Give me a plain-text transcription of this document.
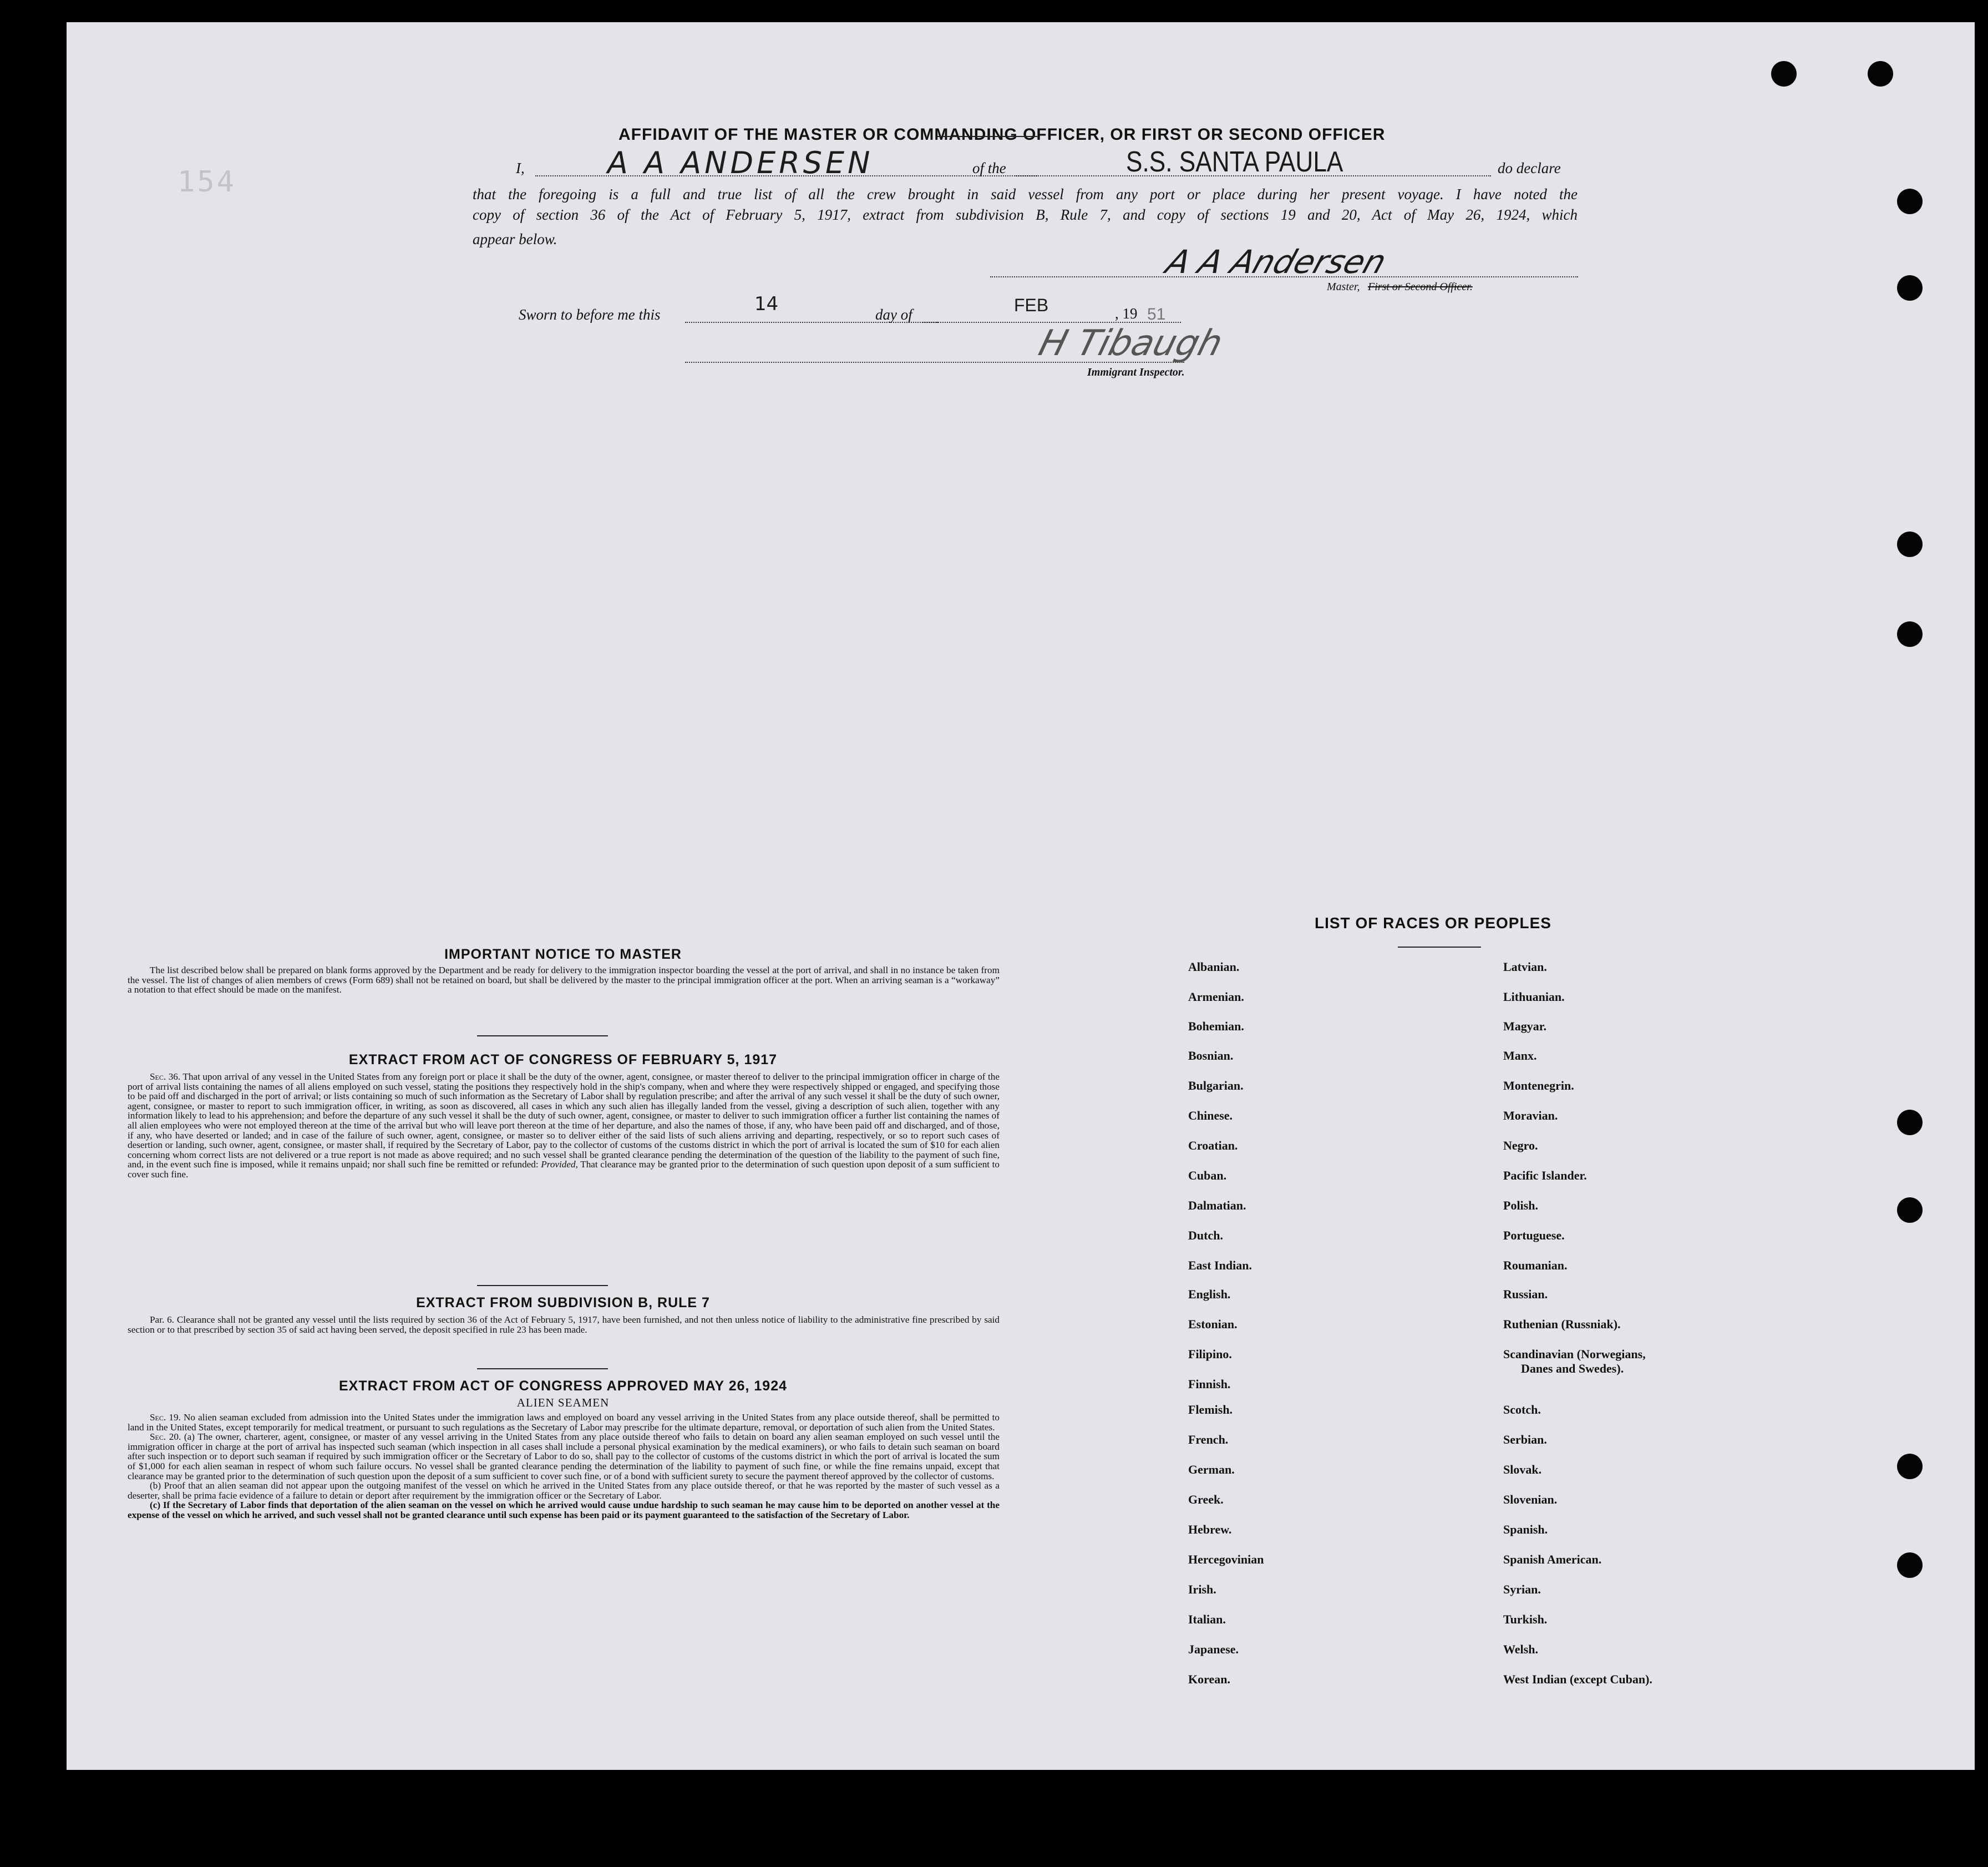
154
AFFIDAVIT OF THE MASTER OR COMMANDING OFFICER, OR FIRST OR SECOND OFFICER
I,	A A ANDERSEN	of the	S.S. SANTA PAULA	do declare
that the foregoing is a full and true list of all the crew brought in said vessel from any port or place during her present voyage. I have noted the
copy of section 36 of the Act of February 5, 1917, extract from subdivision B, Rule 7, and copy of sections 19 and 20, Act of May 26, 1924, which
appear below.
A A Andersen
Master, First or Second Officer.
Sworn to before me this	14	day of	FEB	, 19 51
H Tibaugh
Immigrant Inspector.
IMPORTANT NOTICE TO MASTER
The list described below shall be prepared on blank forms approved by the Department and be ready for delivery to the immigration inspector boarding the vessel at the port of arrival, and shall in no instance be taken from the vessel. The list of changes of alien members of crews (Form 689) shall not be retained on board, but shall be delivered by the master to the principal immigration officer at the port. When an arriving seaman is a “workaway” a notation to that effect should be made on the manifest.
EXTRACT FROM ACT OF CONGRESS OF FEBRUARY 5, 1917
Sec. 36. That upon arrival of any vessel in the United States from any foreign port or place it shall be the duty of the owner, agent, consignee, or master thereof to deliver to the principal immigration officer in charge of the port of arrival lists containing the names of all aliens employed on such vessel, stating the positions they respectively hold in the ship's company, when and where they were respectively shipped or engaged, and specifying those to be paid off and discharged in the port of arrival; or lists containing so much of such information as the Secretary of Labor shall by regulation prescribe; and after the arrival of any such vessel it shall be the duty of such owner, agent, consignee, or master to report to such immigration officer, in writing, as soon as discovered, all cases in which any such alien has illegally landed from the vessel, giving a description of such alien, together with any information likely to lead to his apprehension; and before the departure of any such vessel it shall be the duty of such owner, agent, consignee, or master to deliver to such immigration officer a further list containing the names of all alien employees who were not employed thereon at the time of the arrival but who will leave port thereon at the time of her departure, and also the names of those, if any, who have been paid off and discharged, and of those, if any, who have deserted or landed; and in case of the failure of such owner, agent, consignee, or master so to deliver either of the said lists of such aliens arriving and departing, respectively, or so to report such cases of desertion or landing, such owner, agent, consignee, or master shall, if required by the Secretary of Labor, pay to the collector of customs of the customs district in which the port of arrival is located the sum of $10 for each alien concerning whom correct lists are not delivered or a true report is not made as above required; and no such vessel shall be granted clearance pending the determination of the question of the liability to the payment of such fine, and, in the event such fine is imposed, while it remains unpaid; nor shall such fine be remitted or refunded: Provided, That clearance may be granted prior to the determination of such question upon deposit of a sum sufficient to cover such fine.
EXTRACT FROM SUBDIVISION B, RULE 7
Par. 6. Clearance shall not be granted any vessel until the lists required by section 36 of the Act of February 5, 1917, have been furnished, and not then unless notice of liability to the administrative fine prescribed by said section or to that prescribed by section 35 of said act having been served, the deposit specified in rule 23 has been made.
EXTRACT FROM ACT OF CONGRESS APPROVED MAY 26, 1924
ALIEN SEAMEN
Sec. 19. No alien seaman excluded from admission into the United States under the immigration laws and employed on board any vessel arriving in the United States from any place outside thereof, shall be permitted to land in the United States, except temporarily for medical treatment, or pursuant to such regulations as the Secretary of Labor may prescribe for the ultimate departure, removal, or deportation of such alien from the United States.
Sec. 20. (a) The owner, charterer, agent, consignee, or master of any vessel arriving in the United States from any place outside thereof who fails to detain on board any alien seaman employed on such vessel until the immigration officer in charge at the port of arrival has inspected such seaman (which inspection in all cases shall include a personal physical examination by the medical examiners), or who fails to detain such seaman on board after such inspection or to deport such seaman if required by such immigration officer or the Secretary of Labor to do so, shall pay to the collector of customs of the customs district in which the port of arrival is located the sum of $1,000 for each alien seaman in respect of whom such failure occurs. No vessel shall be granted clearance pending the determination of the liability to payment of such fine, or while the fine remains unpaid, except that clearance may be granted prior to the determination of such question upon the deposit of a sum sufficient to cover such fine, or of a bond with sufficient surety to secure the payment thereof approved by the collector of customs.
(b) Proof that an alien seaman did not appear upon the outgoing manifest of the vessel on which he arrived in the United States from any place outside thereof, or that he was reported by the master of such vessel as a deserter, shall be prima facie evidence of a failure to detain or deport after requirement by the immigration officer or the Secretary of Labor.
(c) If the Secretary of Labor finds that deportation of the alien seaman on the vessel on which he arrived would cause undue hardship to such seaman he may cause him to be deported on another vessel at the expense of the vessel on which he arrived, and such vessel shall not be granted clearance until such expense has been paid or its payment guaranteed to the satisfaction of the Secretary of Labor.
LIST OF RACES OR PEOPLES
Albanian.
Armenian.
Bohemian.
Bosnian.
Bulgarian.
Chinese.
Croatian.
Cuban.
Dalmatian.
Dutch.
East Indian.
English.
Estonian.
Filipino.
Finnish.
Flemish.
French.
German.
Greek.
Hebrew.
Hercegovinian
Irish.
Italian.
Japanese.
Korean.
Latvian.
Lithuanian.
Magyar.
Manx.
Montenegrin.
Moravian.
Negro.
Pacific Islander.
Polish.
Portuguese.
Roumanian.
Russian.
Ruthenian (Russniak).
Scandinavian (Norwegians,
Danes and Swedes).
Scotch.
Serbian.
Slovak.
Slovenian.
Spanish.
Spanish American.
Syrian.
Turkish.
Welsh.
West Indian (except Cuban).
